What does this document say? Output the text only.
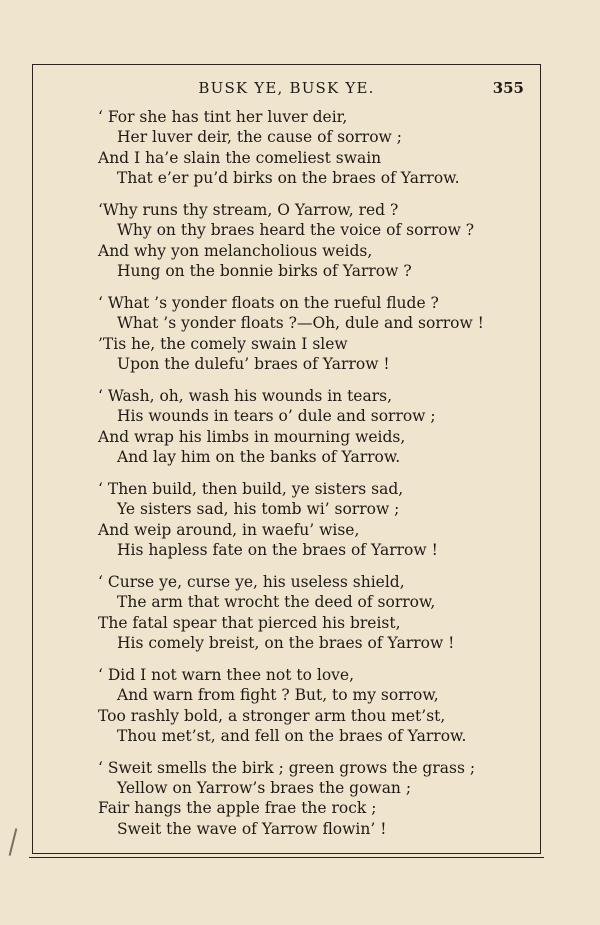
BUSK YE, BUSK YE.	355
‘ For she has tint her luver deir,
Her luver deir, the cause of sorrow ;
And I ha’e slain the comeliest swain
That e’er pu’d birks on the braes of Yarrow.
‘Why runs thy stream, O Yarrow, red ?
Why on thy braes heard the voice of sorrow ?
And why yon melancholious weids,
Hung on the bonnie birks of Yarrow ?
‘ What ’s yonder floats on the rueful flude ?
What ’s yonder floats ?—Oh, dule and sorrow !
’Tis he, the comely swain I slew
Upon the dulefu’ braes of Yarrow !
‘ Wash, oh, wash his wounds in tears,
His wounds in tears o’ dule and sorrow ;
And wrap his limbs in mourning weids,
And lay him on the banks of Yarrow.
‘ Then build, then build, ye sisters sad,
Ye sisters sad, his tomb wi’ sorrow ;
And weip around, in waefu’ wise,
His hapless fate on the braes of Yarrow !
‘ Curse ye, curse ye, his useless shield,
The arm that wrocht the deed of sorrow,
The fatal spear that pierced his breist,
His comely breist, on the braes of Yarrow !
‘ Did I not warn thee not to love,
And warn from fight ? But, to my sorrow,
Too rashly bold, a stronger arm thou met’st,
Thou met’st, and fell on the braes of Yarrow.
‘ Sweit smells the birk ; green grows the grass ;
Yellow on Yarrow’s braes the gowan ;
Fair hangs the apple frae the rock ;
Sweit the wave of Yarrow flowin’ !
